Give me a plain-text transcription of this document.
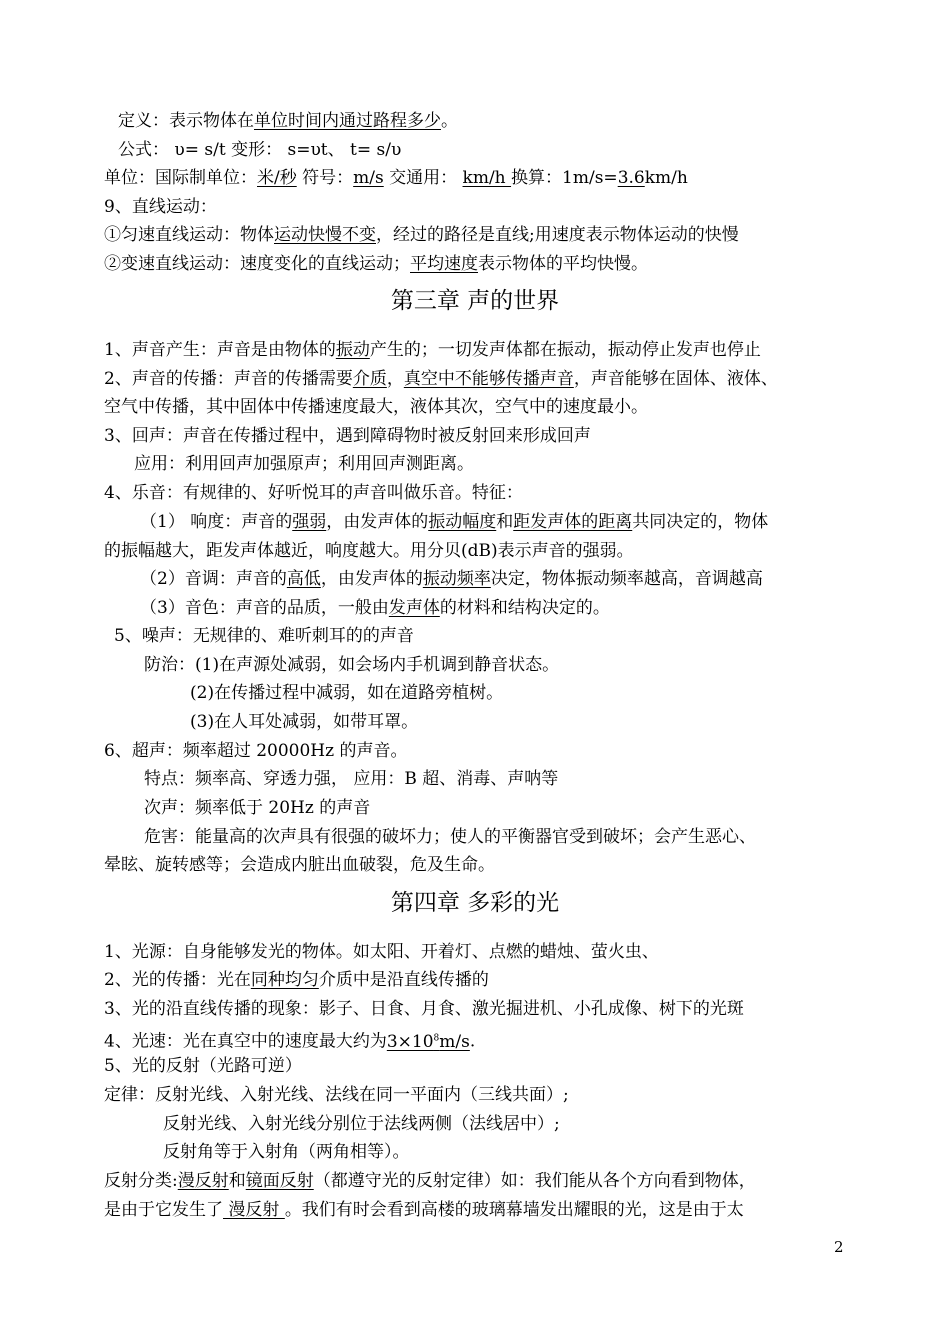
定义：表示物体在单位时间内通过路程多少。
公式： υ= s/t 变形： s=υt、 t= s/υ
单位：国际制单位：米/秒 符号：m/s 交通用： km/h 换算：1m/s=3.6km/h
9、直线运动：
①匀速直线运动：物体运动快慢不变，经过的路径是直线;用速度表示物体运动的快慢
②变速直线运动：速度变化的直线运动；平均速度表示物体的平均快慢。
第三章 声的世界
1、声音产生：声音是由物体的振动产生的；一切发声体都在振动，振动停止发声也停止
2、声音的传播：声音的传播需要介质，真空中不能够传播声音，声音能够在固体、液体、
空气中传播，其中固体中传播速度最大，液体其次，空气中的速度最小。
3、回声：声音在传播过程中，遇到障碍物时被反射回来形成回声
应用：利用回声加强原声；利用回声测距离。
4、乐音：有规律的、好听悦耳的声音叫做乐音。特征：
（1） 响度：声音的强弱，由发声体的振动幅度和距发声体的距离共同决定的，物体
的振幅越大，距发声体越近，响度越大。用分贝(dB)表示声音的强弱。
（2）音调：声音的高低，由发声体的振动频率决定，物体振动频率越高，音调越高
（3）音色：声音的品质，一般由发声体的材料和结构决定的。
5、噪声：无规律的、难听刺耳的的声音
防治：(1)在声源处减弱，如会场内手机调到静音状态。
(2)在传播过程中减弱，如在道路旁植树。
(3)在人耳处减弱，如带耳罩。
6、超声：频率超过 20000Hz 的声音。
特点：频率高、穿透力强， 应用：B 超、消毒、声呐等
次声：频率低于 20Hz 的声音
危害：能量高的次声具有很强的破坏力；使人的平衡器官受到破坏；会产生恶心、
晕眩、旋转感等；会造成内脏出血破裂，危及生命。
第四章 多彩的光
1、光源：自身能够发光的物体。如太阳、开着灯、点燃的蜡烛、萤火虫、
2、光的传播：光在同种均匀介质中是沿直线传播的
3、光的沿直线传播的现象：影子、日食、月食、激光掘进机、小孔成像、树下的光斑
4、光速：光在真空中的速度最大约为$3\times 10^8m/s$.
5、光的反射（光路可逆）
定律：反射光线、入射光线、法线在同一平面内（三线共面）;
反射光线、入射光线分别位于法线两侧（法线居中）;
反射角等于入射角（两角相等）。
反射分类:漫反射和镜面反射（都遵守光的反射定律）如：我们能从各个方向看到物体，
是由于它发生了 漫反射 。我们有时会看到高楼的玻璃幕墙发出耀眼的光，这是由于太
2
